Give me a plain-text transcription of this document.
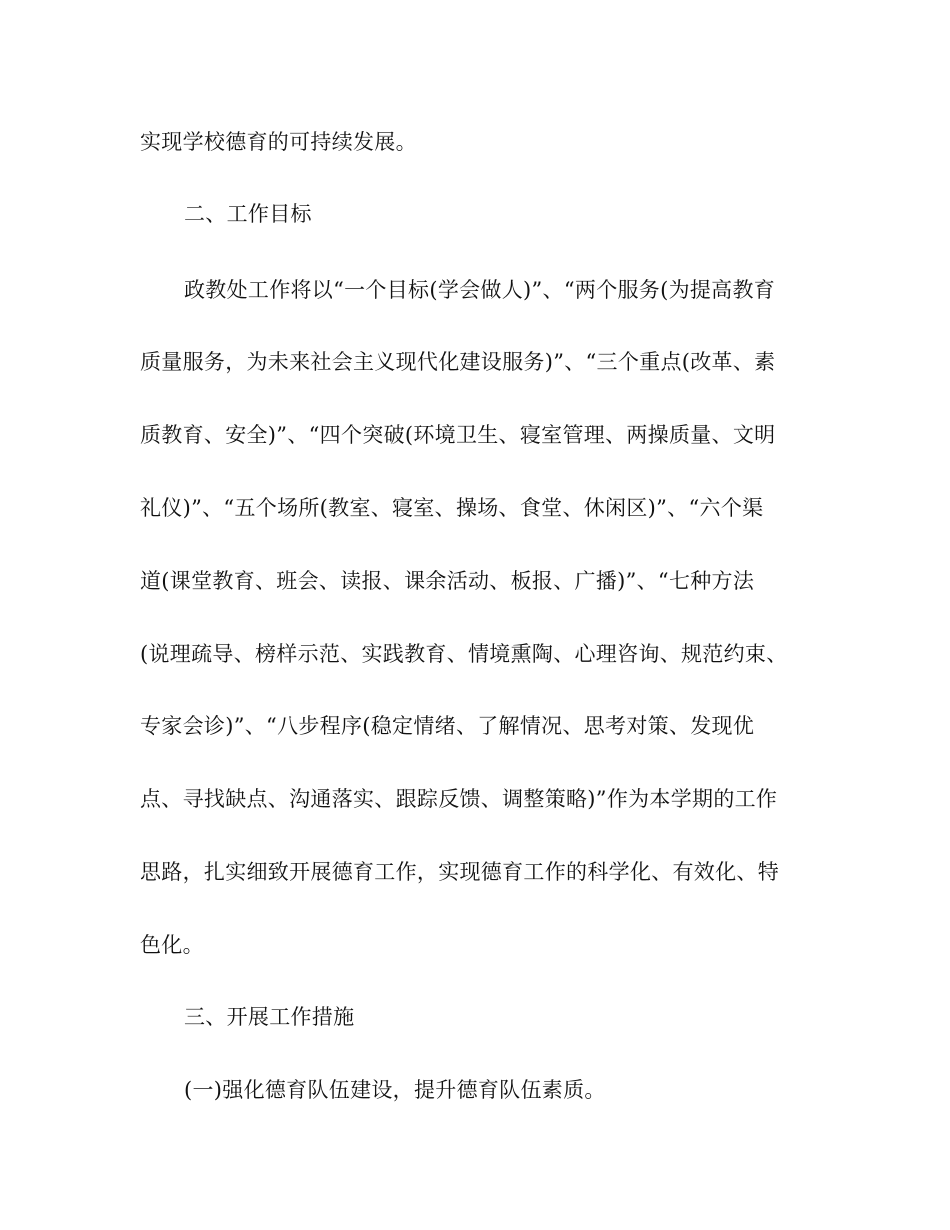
实现学校德育的可持续发展。
二、工作目标
政教处工作将以“一个目标(学会做人)”、“两个服务(为提高教育
质量服务，为未来社会主义现代化建设服务)”、“三个重点(改革、素
质教育、安全)”、“四个突破(环境卫生、寝室管理、两操质量、文明
礼仪)”、“五个场所(教室、寝室、操场、食堂、休闲区)”、“六个渠
道(课堂教育、班会、读报、课余活动、板报、广播)”、“七种方法
(说理疏导、榜样示范、实践教育、情境熏陶、心理咨询、规范约束、
专家会诊)”、“八步程序(稳定情绪、了解情况、思考对策、发现优
点、寻找缺点、沟通落实、跟踪反馈、调整策略)”作为本学期的工作
思路，扎实细致开展德育工作，实现德育工作的科学化、有效化、特
色化。
三、开展工作措施
(一)强化德育队伍建设，提升德育队伍素质。
